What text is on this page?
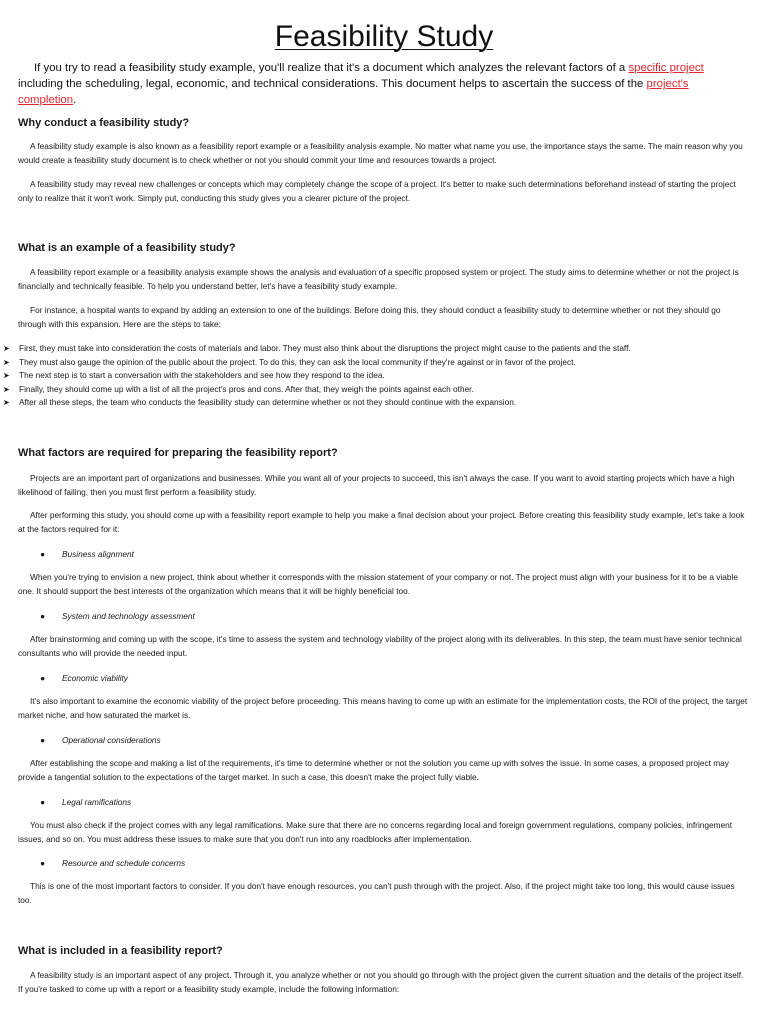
Feasibility Study

If you try to read a feasibility study example, you'll realize that it's a document which analyzes the relevant factors of a specific project including the scheduling, legal, economic, and technical considerations. This document helps to ascertain the success of the project's completion.

Why conduct a feasibility study?

A feasibility study example is also known as a feasibility report example or a feasibility analysis example. No matter what name you use, the importance stays the same. The main reason why you would create a feasibility study document is to check whether or not you should commit your time and resources towards a project.

A feasibility study may reveal new challenges or concepts which may completely change the scope of a project. It's better to make such determinations beforehand instead of starting the project only to realize that it won't work. Simply put, conducting this study gives you a clearer picture of the project.

What is an example of a feasibility study?

A feasibility report example or a feasibility analysis example shows the analysis and evaluation of a specific proposed system or project. The study aims to determine whether or not the project is financially and technically feasible. To help you understand better, let's have a feasibility study example.

For instance, a hospital wants to expand by adding an extension to one of the buildings. Before doing this, they should conduct a feasibility study to determine whether or not they should go through with this expansion. Here are the steps to take:

➤ First, they must take into consideration the costs of materials and labor. They must also think about the disruptions the project might cause to the patients and the staff.
➤ They must also gauge the opinion of the public about the project. To do this, they can ask the local community if they're against or in favor of the project.
➤ The next step is to start a conversation with the stakeholders and see how they respond to the idea.
➤ Finally, they should come up with a list of all the project's pros and cons. After that, they weigh the points against each other.
➤ After all these steps, the team who conducts the feasibility study can determine whether or not they should continue with the expansion.
What factors are required for preparing the feasibility report?

Projects are an important part of organizations and businesses. While you want all of your projects to succeed, this isn't always the case. If you want to avoid starting projects which have a high likelihood of failing, then you must first perform a feasibility study.

After performing this study, you should come up with a feasibility report example to help you make a final decision about your project. Before creating this feasibility study example, let's take a look at the factors required for it:

● Business alignment

When you're trying to envision a new project, think about whether it corresponds with the mission statement of your company or not. The project must align with your business for it to be a viable one. It should support the best interests of the organization which means that it will be highly beneficial too.

● System and technology assessment

After brainstorming and coming up with the scope, it's time to assess the system and technology viability of the project along with its deliverables. In this step, the team must have senior technical consultants who will provide the needed input.

● Economic viability

It's also important to examine the economic viability of the project before proceeding. This means having to come up with an estimate for the implementation costs, the ROI of the project, the target market niche, and how saturated the market is.

● Operational considerations

After establishing the scope and making a list of the requirements, it's time to determine whether or not the solution you came up with solves the issue. In some cases, a proposed project may provide a tangential solution to the expectations of the target market. In such a case, this doesn't make the project fully viable.

● Legal ramifications

You must also check if the project comes with any legal ramifications. Make sure that there are no concerns regarding local and foreign government regulations, company policies, infringement issues, and so on. You must address these issues to make sure that you don't run into any roadblocks after implementation.

● Resource and schedule concerns

This is one of the most important factors to consider. If you don't have enough resources, you can't push through with the project. Also, if the project might take too long, this would cause issues too.

What is included in a feasibility report?

A feasibility study is an important aspect of any project. Through it, you analyze whether or not you should go through with the project given the current situation and the details of the project itself. If you're tasked to come up with a report or a feasibility study example, include the following information:
